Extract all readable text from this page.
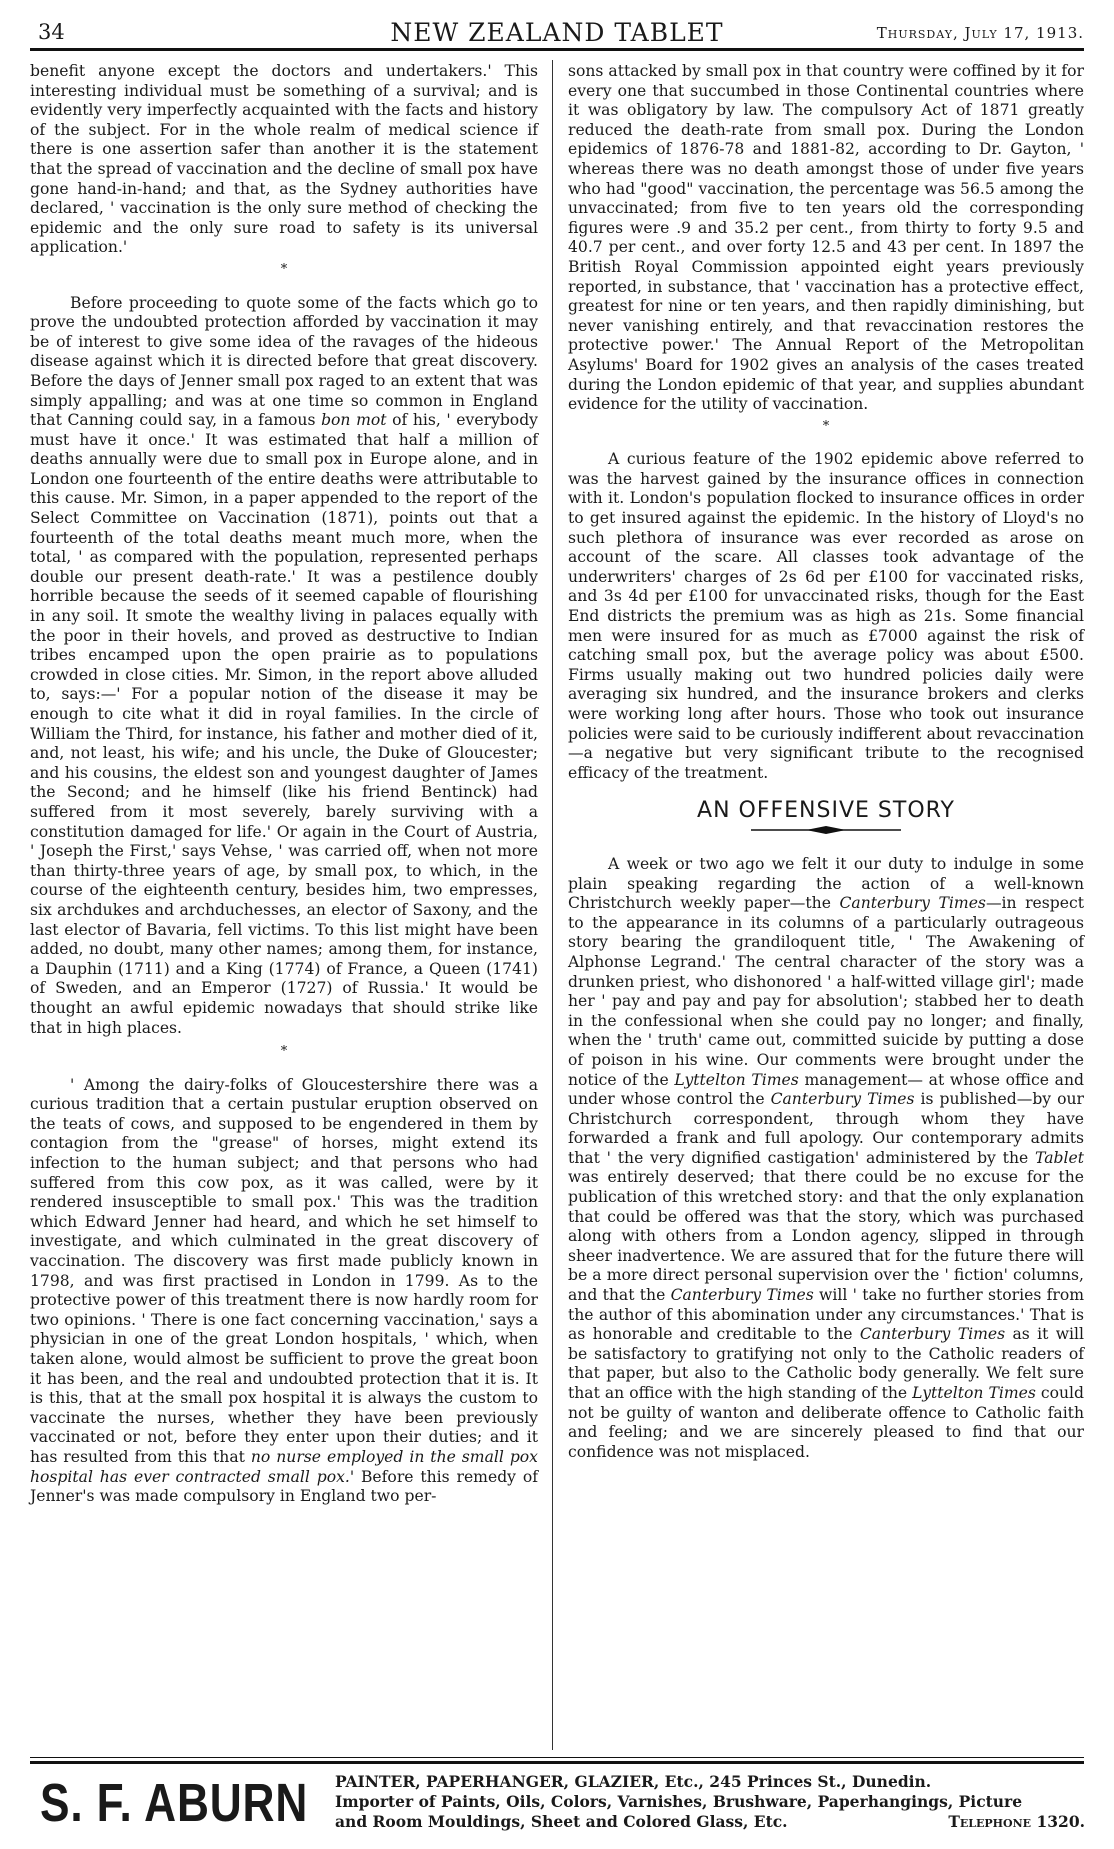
34	NEW ZEALAND TABLET	Thursday, July 17, 1913.

benefit anyone except the doctors and undertakers.' This interesting individual must be something of a survival; and is evidently very imperfectly acquainted with the facts and history of the subject. For in the whole realm of medical science if there is one assertion safer than another it is the statement that the spread of vaccination and the decline of small pox have gone hand-in-hand; and that, as the Sydney authorities have declared, ' vaccination is the only sure method of checking the epidemic and the only sure road to safety is its universal application.'

*

Before proceeding to quote some of the facts which go to prove the undoubted protection afforded by vaccination it may be of interest to give some idea of the ravages of the hideous disease against which it is directed before that great discovery. Before the days of Jenner small pox raged to an extent that was simply appalling; and was at one time so common in England that Canning could say, in a famous bon mot of his, ' everybody must have it once.' It was estimated that half a million of deaths annually were due to small pox in Europe alone, and in London one fourteenth of the entire deaths were attributable to this cause. Mr. Simon, in a paper appended to the report of the Select Committee on Vaccination (1871), points out that a fourteenth of the total deaths meant much more, when the total, ' as compared with the population, represented perhaps double our present death-rate.' It was a pestilence doubly horrible because the seeds of it seemed capable of flourishing in any soil. It smote the wealthy living in palaces equally with the poor in their hovels, and proved as destructive to Indian tribes encamped upon the open prairie as to populations crowded in close cities. Mr. Simon, in the report above alluded to, says:—' For a popular notion of the disease it may be enough to cite what it did in royal families. In the circle of William the Third, for instance, his father and mother died of it, and, not least, his wife; and his uncle, the Duke of Gloucester; and his cousins, the eldest son and youngest daughter of James the Second; and he himself (like his friend Bentinck) had suffered from it most severely, barely surviving with a constitution damaged for life.' Or again in the Court of Austria, ' Joseph the First,' says Vehse, ' was carried off, when not more than thirty-three years of age, by small pox, to which, in the course of the eighteenth century, besides him, two empresses, six archdukes and archduchesses, an elector of Saxony, and the last elector of Bavaria, fell victims. To this list might have been added, no doubt, many other names; among them, for instance, a Dauphin (1711) and a King (1774) of France, a Queen (1741) of Sweden, and an Emperor (1727) of Russia.' It would be thought an awful epidemic nowadays that should strike like that in high places.

*

' Among the dairy-folks of Gloucestershire there was a curious tradition that a certain pustular eruption observed on the teats of cows, and supposed to be engendered in them by contagion from the "grease" of horses, might extend its infection to the human subject; and that persons who had suffered from this cow pox, as it was called, were by it rendered insusceptible to small pox.' This was the tradition which Edward Jenner had heard, and which he set himself to investigate, and which culminated in the great discovery of vaccination. The discovery was first made publicly known in 1798, and was first practised in London in 1799. As to the protective power of this treatment there is now hardly room for two opinions. ' There is one fact concerning vaccination,' says a physician in one of the great London hospitals, ' which, when taken alone, would almost be sufficient to prove the great boon it has been, and the real and undoubted protection that it is. It is this, that at the small pox hospital it is always the custom to vaccinate the nurses, whether they have been previously vaccinated or not, before they enter upon their duties; and it has resulted from this that no nurse employed in the small pox hospital has ever contracted small pox.' Before this remedy of Jenner's was made compulsory in England two per-

sons attacked by small pox in that country were coffined by it for every one that succumbed in those Continental countries where it was obligatory by law. The compulsory Act of 1871 greatly reduced the death-rate from small pox. During the London epidemics of 1876-78 and 1881-82, according to Dr. Gayton, ' whereas there was no death amongst those of under five years who had "good" vaccination, the percentage was 56.5 among the unvaccinated; from five to ten years old the corresponding figures were .9 and 35.2 per cent., from thirty to forty 9.5 and 40.7 per cent., and over forty 12.5 and 43 per cent. In 1897 the British Royal Commission appointed eight years previously reported, in substance, that ' vaccination has a protective effect, greatest for nine or ten years, and then rapidly diminishing, but never vanishing entirely, and that revaccination restores the protective power.' The Annual Report of the Metropolitan Asylums' Board for 1902 gives an analysis of the cases treated during the London epidemic of that year, and supplies abundant evidence for the utility of vaccination.

*

A curious feature of the 1902 epidemic above referred to was the harvest gained by the insurance offices in connection with it. London's population flocked to insurance offices in order to get insured against the epidemic. In the history of Lloyd's no such plethora of insurance was ever recorded as arose on account of the scare. All classes took advantage of the underwriters' charges of 2s 6d per £100 for vaccinated risks, and 3s 4d per £100 for unvaccinated risks, though for the East End districts the premium was as high as 21s. Some financial men were insured for as much as £7000 against the risk of catching small pox, but the average policy was about £500. Firms usually making out two hundred policies daily were averaging six hundred, and the insurance brokers and clerks were working long after hours. Those who took out insurance policies were said to be curiously indifferent about revaccination—a negative but very significant tribute to the recognised efficacy of the treatment.

AN OFFENSIVE STORY

A week or two ago we felt it our duty to indulge in some plain speaking regarding the action of a well-known Christchurch weekly paper—the Canterbury Times—in respect to the appearance in its columns of a particularly outrageous story bearing the grandiloquent title, ' The Awakening of Alphonse Legrand.' The central character of the story was a drunken priest, who dishonored ' a half-witted village girl'; made her ' pay and pay and pay for absolution'; stabbed her to death in the confessional when she could pay no longer; and finally, when the ' truth' came out, committed suicide by putting a dose of poison in his wine. Our comments were brought under the notice of the Lyttelton Times management— at whose office and under whose control the Canterbury Times is published—by our Christchurch correspondent, through whom they have forwarded a frank and full apology. Our contemporary admits that ' the very dignified castigation' administered by the Tablet was entirely deserved; that there could be no excuse for the publication of this wretched story: and that the only explanation that could be offered was that the story, which was purchased along with others from a London agency, slipped in through sheer inadvertence. We are assured that for the future there will be a more direct personal supervision over the ' fiction' columns, and that the Canterbury Times will ' take no further stories from the author of this abomination under any circumstances.' That is as honorable and creditable to the Canterbury Times as it will be satisfactory to gratifying not only to the Catholic readers of that paper, but also to the Catholic body generally. We felt sure that an office with the high standing of the Lyttelton Times could not be guilty of wanton and deliberate offence to Catholic faith and feeling; and we are sincerely pleased to find that our confidence was not misplaced.

S. F. ABURN PAINTER, PAPERHANGER, GLAZIER, Etc., 245 Princes St., Dunedin.
Importer of Paints, Oils, Colors, Varnishes, Brushware, Paperhangings, Picture
and Room Mouldings, Sheet and Colored Glass, Etc.	Telephone 1320.
